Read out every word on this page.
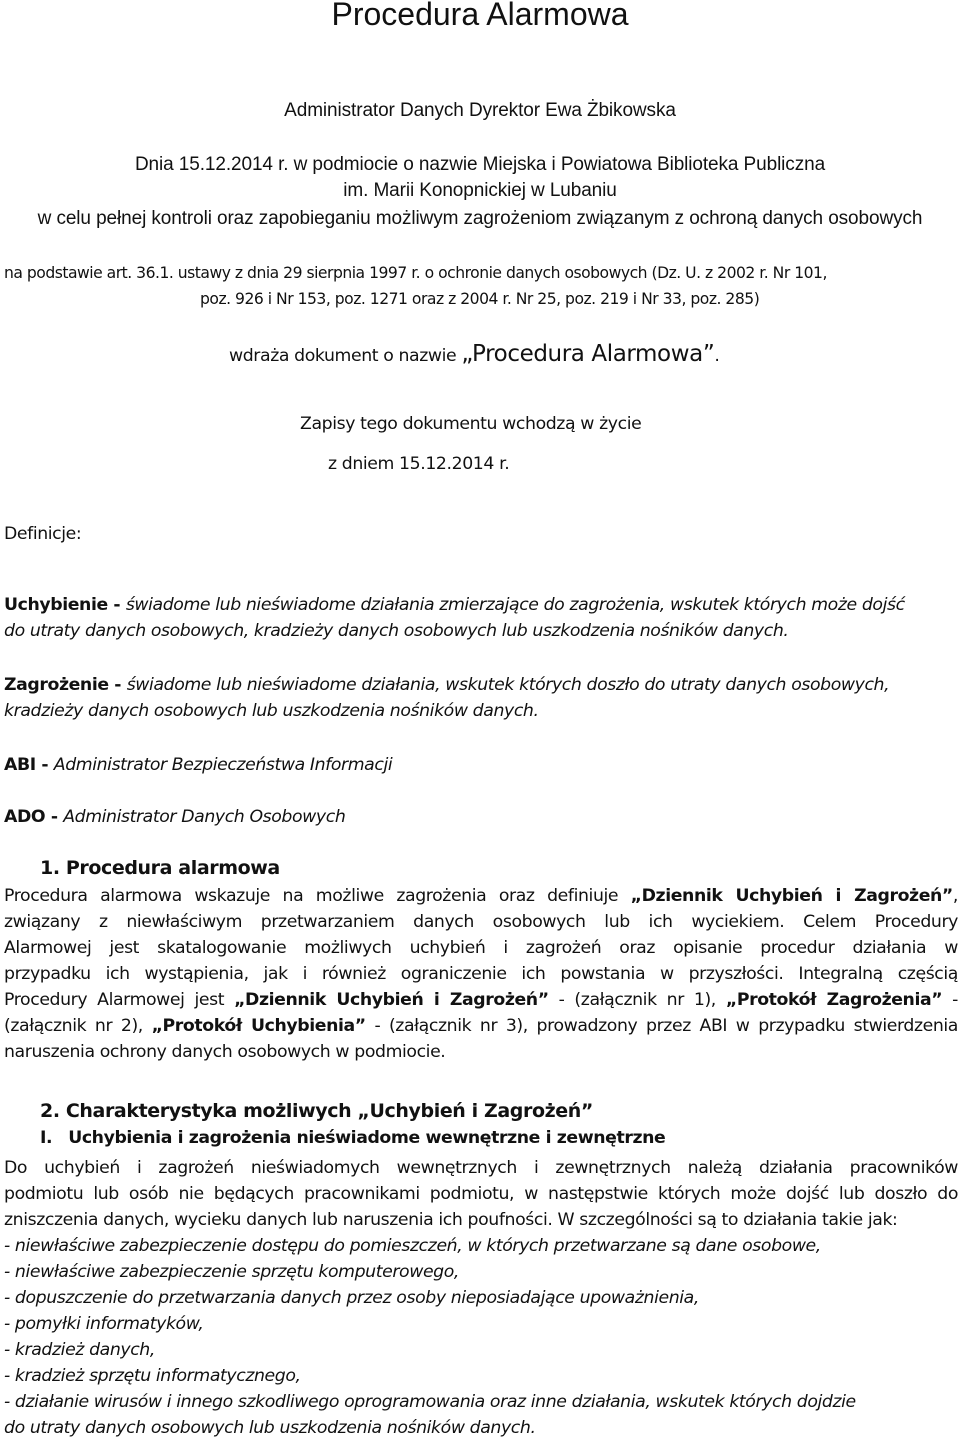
Procedura Alarmowa
Administrator Danych Dyrektor Ewa Żbikowska
Dnia 15.12.2014 r. w podmiocie o nazwie Miejska i Powiatowa Biblioteka Publiczna
im. Marii Konopnickiej w Lubaniu
w celu pełnej kontroli oraz zapobieganiu możliwym zagrożeniom związanym z ochroną danych osobowych
na podstawie art. 36.1. ustawy z dnia 29 sierpnia 1997 r. o ochronie danych osobowych (Dz. U. z 2002 r. Nr 101,
poz. 926 i Nr 153, poz. 1271 oraz z 2004 r. Nr 25, poz. 219 i Nr 33, poz. 285)
wdraża dokument o nazwie „Procedura Alarmowa”.
Zapisy tego dokumentu wchodzą w życie
z dniem 15.12.2014 r.
Definicje:
Uchybienie - świadome lub nieświadome działania zmierzające do zagrożenia, wskutek których może dojść
do utraty danych osobowych, kradzieży danych osobowych lub uszkodzenia nośników danych.
Zagrożenie - świadome lub nieświadome działania, wskutek których doszło do utraty danych osobowych,
kradzieży danych osobowych lub uszkodzenia nośników danych.
ABI - Administrator Bezpieczeństwa Informacji
ADO - Administrator Danych Osobowych
1. Procedura alarmowa
Procedura alarmowa wskazuje na możliwe zagrożenia oraz definiuje „Dziennik Uchybień i Zagrożeń”,
związany z niewłaściwym przetwarzaniem danych osobowych lub ich wyciekiem. Celem Procedury
Alarmowej jest skatalogowanie możliwych uchybień i zagrożeń oraz opisanie procedur działania w
przypadku ich wystąpienia, jak i również ograniczenie ich powstania w przyszłości. Integralną częścią
Procedury Alarmowej jest „Dziennik Uchybień i Zagrożeń” - (załącznik nr 1), „Protokół Zagrożenia” -
(załącznik nr 2), „Protokół Uchybienia” - (załącznik nr 3), prowadzony przez ABI w przypadku stwierdzenia
naruszenia ochrony danych osobowych w podmiocie.
2. Charakterystyka możliwych „Uchybień i Zagrożeń”
I. Uchybienia i zagrożenia nieświadome wewnętrzne i zewnętrzne
Do uchybień i zagrożeń nieświadomych wewnętrznych i zewnętrznych należą działania pracowników
podmiotu lub osób nie będących pracownikami podmiotu, w następstwie których może dojść lub doszło do
zniszczenia danych, wycieku danych lub naruszenia ich poufności. W szczególności są to działania takie jak:
- niewłaściwe zabezpieczenie dostępu do pomieszczeń, w których przetwarzane są dane osobowe,
- niewłaściwe zabezpieczenie sprzętu komputerowego,
- dopuszczenie do przetwarzania danych przez osoby nieposiadające upoważnienia,
- pomyłki informatyków,
- kradzież danych,
- kradzież sprzętu informatycznego,
- działanie wirusów i innego szkodliwego oprogramowania oraz inne działania, wskutek których dojdzie
do utraty danych osobowych lub uszkodzenia nośników danych.
